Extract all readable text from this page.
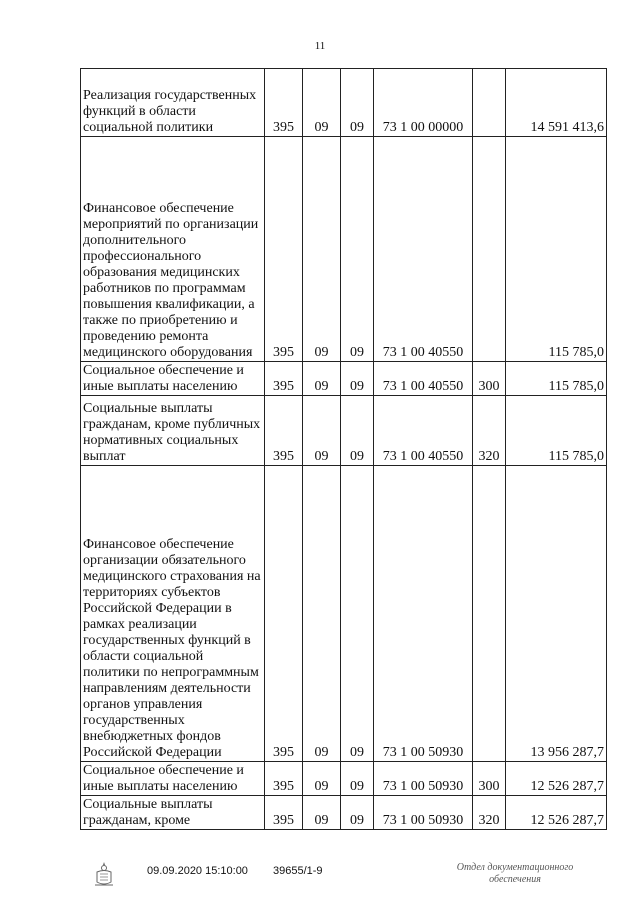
11
Реализация государственных функций в области социальной политики	395	09	09	73 1 00 00000		14 591 413,6
Финансовое обеспечение мероприятий по организации дополнительного профессионального образования медицинских работников по программам повышения квалификации, а также по приобретению и проведению ремонта медицинского оборудования	395	09	09	73 1 00 40550		115 785,0
Социальное обеспечение и иные выплаты населению	395	09	09	73 1 00 40550	300	115 785,0
Социальные выплаты гражданам, кроме публичных нормативных социальных выплат	395	09	09	73 1 00 40550	320	115 785,0
Финансовое обеспечение организации обязательного медицинского страхования на территориях субъектов Российской Федерации в рамках реализации государственных функций в области социальной политики по непрограммным направлениям деятельности органов управления государственных внебюджетных фондов Российской Федерации	395	09	09	73 1 00 50930		13 956 287,7
Социальное обеспечение и иные выплаты населению	395	09	09	73 1 00 50930	300	12 526 287,7
Социальные выплаты гражданам, кроме	395	09	09	73 1 00 50930	320	12 526 287,7
09.09.2020 15:10:00 39655/1-9	Отдел документационного
обеспечения
